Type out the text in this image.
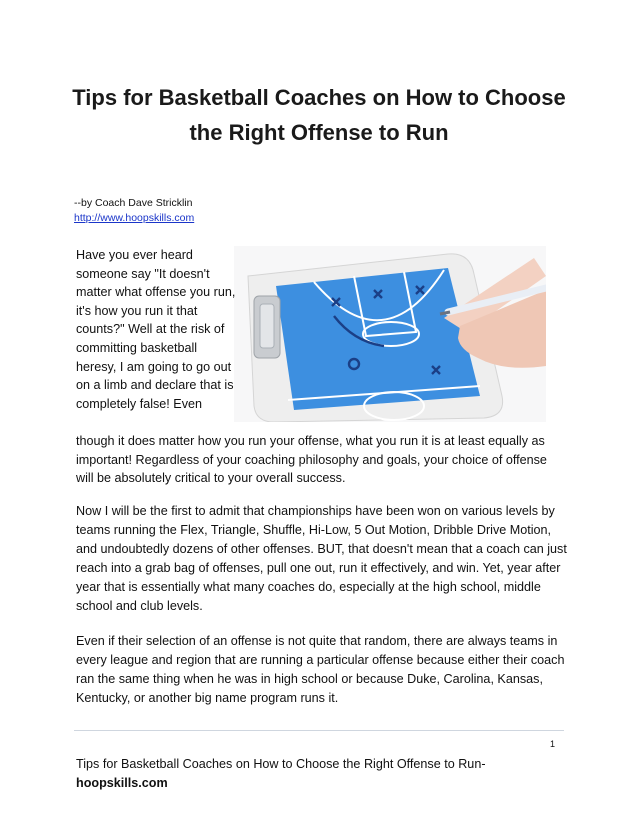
Tips for Basketball Coaches on How to Choose the Right Offense to Run
--by Coach Dave Stricklin
http://www.hoopskills.com
Have you ever heard someone say "It doesn't matter what offense you run, it's how you run it that counts?" Well at the risk of committing basketball heresy, I am going to go out on a limb and declare that is completely false! Even
though it does matter how you run your offense, what you run it is at least equally as important! Regardless of your coaching philosophy and goals, your choice of offense will be absolutely critical to your overall success.
Now I will be the first to admit that championships have been won on various levels by teams running the Flex, Triangle, Shuffle, Hi-Low, 5 Out Motion, Dribble Drive Motion, and undoubtedly dozens of other offenses. BUT, that doesn't mean that a coach can just reach into a grab bag of offenses, pull one out, run it effectively, and win. Yet, year after year that is essentially what many coaches do, especially at the high school, middle school and club levels.
Even if their selection of an offense is not quite that random, there are always teams in every league and region that are running a particular offense because either their coach ran the same thing when he was in high school or because Duke, Carolina, Kansas, Kentucky, or another big name program runs it.
1
Tips for Basketball Coaches on How to Choose the Right Offense to Run-
hoopskills.com
